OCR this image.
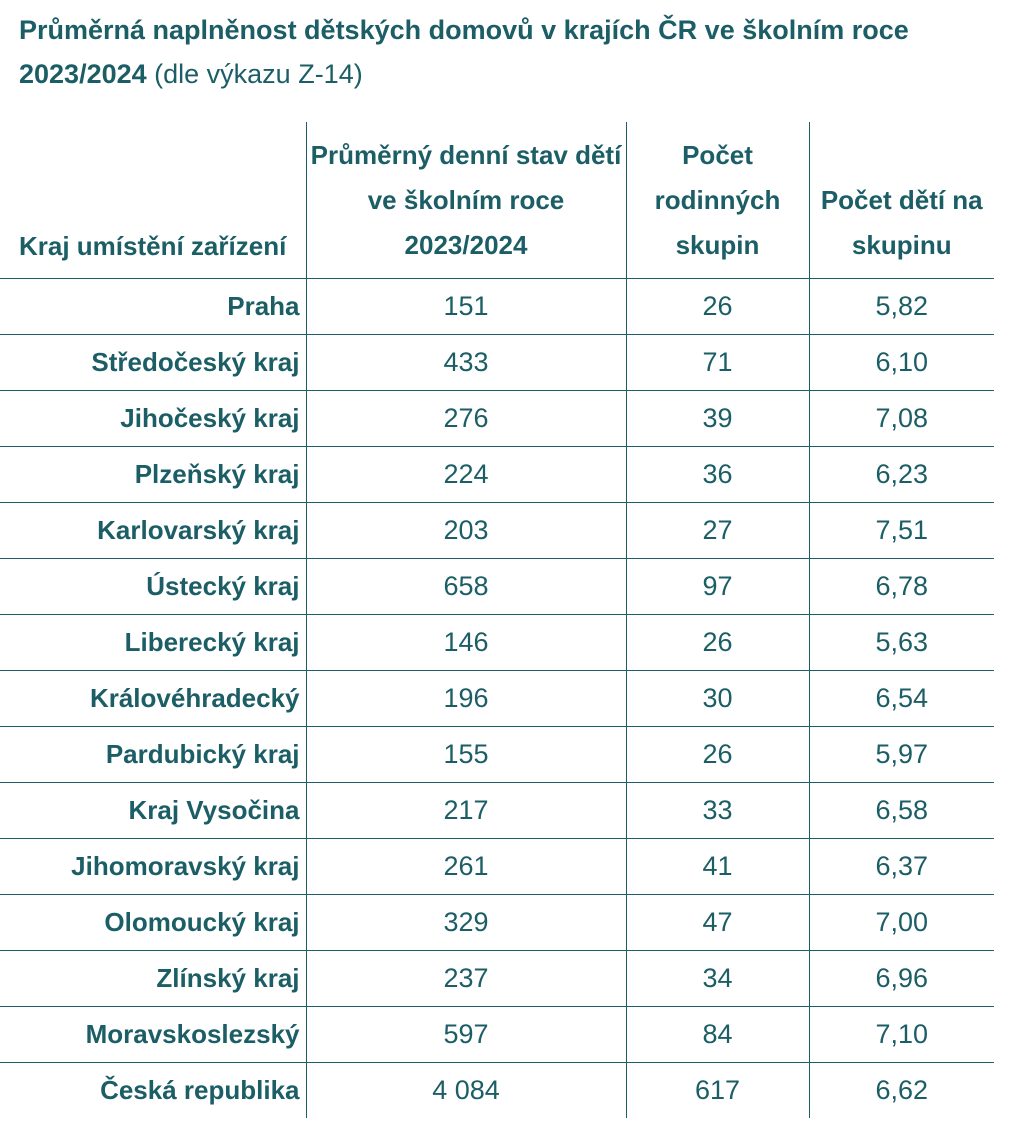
Průměrná naplněnost dětských domovů v krajích ČR ve školním roce 2023/2024 (dle výkazu Z-14)
Kraj umístění zařízení	Průměrný denní stav dětí ve školním roce 2023/2024	Počet rodinných skupin	Počet dětí na skupinu
Praha	151	26	5,82
Středočeský kraj	433	71	6,10
Jihočeský kraj	276	39	7,08
Plzeňský kraj	224	36	6,23
Karlovarský kraj	203	27	7,51
Ústecký kraj	658	97	6,78
Liberecký kraj	146	26	5,63
Královéhradecký	196	30	6,54
Pardubický kraj	155	26	5,97
Kraj Vysočina	217	33	6,58
Jihomoravský kraj	261	41	6,37
Olomoucký kraj	329	47	7,00
Zlínský kraj	237	34	6,96
Moravskoslezský	597	84	7,10
Česká republika	4 084	617	6,62
